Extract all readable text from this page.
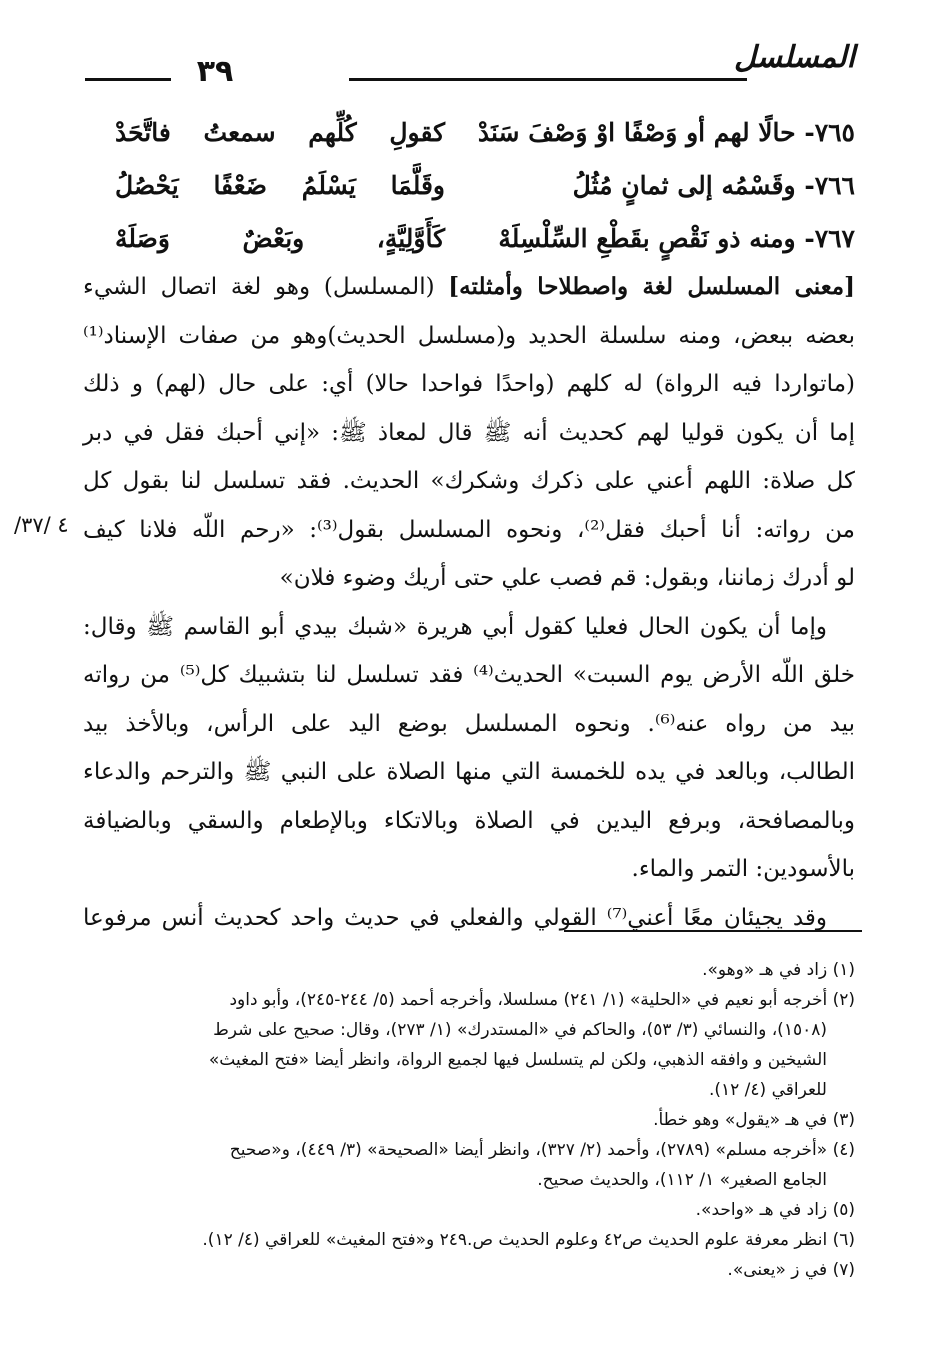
المسلسل
٣٩
٧٦٥- حالًا لهم أو وَصْفًا اوْ وَصْفَ سَنَدْ
كقولِ كُلِّهم سمعتُ فاتَّحَدْ
٧٦٦- وقَسْمُه إلى ثمانٍ مُثُلُ
وقَلَّمَا يَسْلَمُ ضَعْفًا يَحْصُلُ
٧٦٧- ومنه ذو نَقْصٍ بقَطْعِ السِّلْسِلَهْ
كَأَوَّلِيَّةٍ، وبَعْضٌ وَصَلَهْ
[معنى المسلسل لغة واصطلاحا وأمثلته] (المسلسل) وهو لغة اتصال الشيء
بعضه ببعض، ومنه سلسلة الحديد و(مسلسل الحديث)وهو من صفات الإسناد⁽¹⁾
(ماتواردا فيه الرواة) له كلهم (واحدًا فواحدا حالا) أي: على حال (لهم) و ذلك
إما أن يكون قوليا لهم كحديث أنه ﷺ قال لمعاذ ﷺ: «إني أحبك فقل في دبر
كل صلاة: اللهم أعني على ذكرك وشكرك» الحديث. فقد تسلسل لنا بقول كل
من رواته: أنا أحبك فقل⁽²⁾، ونحوه المسلسل بقول⁽³⁾: «رحم اللّه فلانا كيف
لو أدرك زماننا، وبقول: قم فصب علي حتى أريك وضوء فلان»
وإما أن يكون الحال فعليا كقول أبي هريرة «شبك بيدي أبو القاسم ﷺ وقال:
خلق اللّه الأرض يوم السبت» الحديث⁽⁴⁾ فقد تسلسل لنا بتشبيك كل⁽⁵⁾ من رواته
بيد من رواه عنه⁽⁶⁾. ونحوه المسلسل بوضع اليد على الرأس، وبالأخذ بيد
الطالب، وبالعد في يده للخمسة التي منها الصلاة على النبي ﷺ والترحم والدعاء
وبالمصافحة، وبرفع اليدين في الصلاة وبالاتكاء وبالإطعام والسقي وبالضيافة
بالأسودين: التمر والماء.
وقد يجيئان معًا أعني⁽⁷⁾ القولي والفعلي في حديث واحد كحديث أنس مرفوعا
/٤ /٣٧
(١) زاد في هـ «وهو».
(٢) أخرجه أبو نعيم في «الحلية» (١/ ٢٤١) مسلسلا، وأخرجه أحمد (٥/ ٢٤٤-٢٤٥)، وأبو داود
(١٥٠٨)، والنسائي (٣/ ٥٣)، والحاكم في «المستدرك» (١/ ٢٧٣)، وقال: صحيح على شرط
الشيخين و وافقه الذهبي، ولكن لم يتسلسل فيها لجميع الرواة، وانظر أيضا «فتح المغيث»
للعراقي (٤/ ١٢).
(٣) في هـ «يقول» وهو خطأ.
(٤) «أخرجه مسلم» (٢٧٨٩)، وأحمد (٢/ ٣٢٧)، وانظر أيضا «الصحيحة» (٣/ ٤٤٩)، و«صحيح
الجامع الصغير» ١/ ١١٢)، والحديث صحيح.
(٥) زاد في هـ «واحد».
(٦) انظر معرفة علوم الحديث ص٤٢ وعلوم الحديث ص.٢٤٩ و«فتح المغيث» للعراقي (٤/ ١٢).
(٧) في ز «يعنى».
